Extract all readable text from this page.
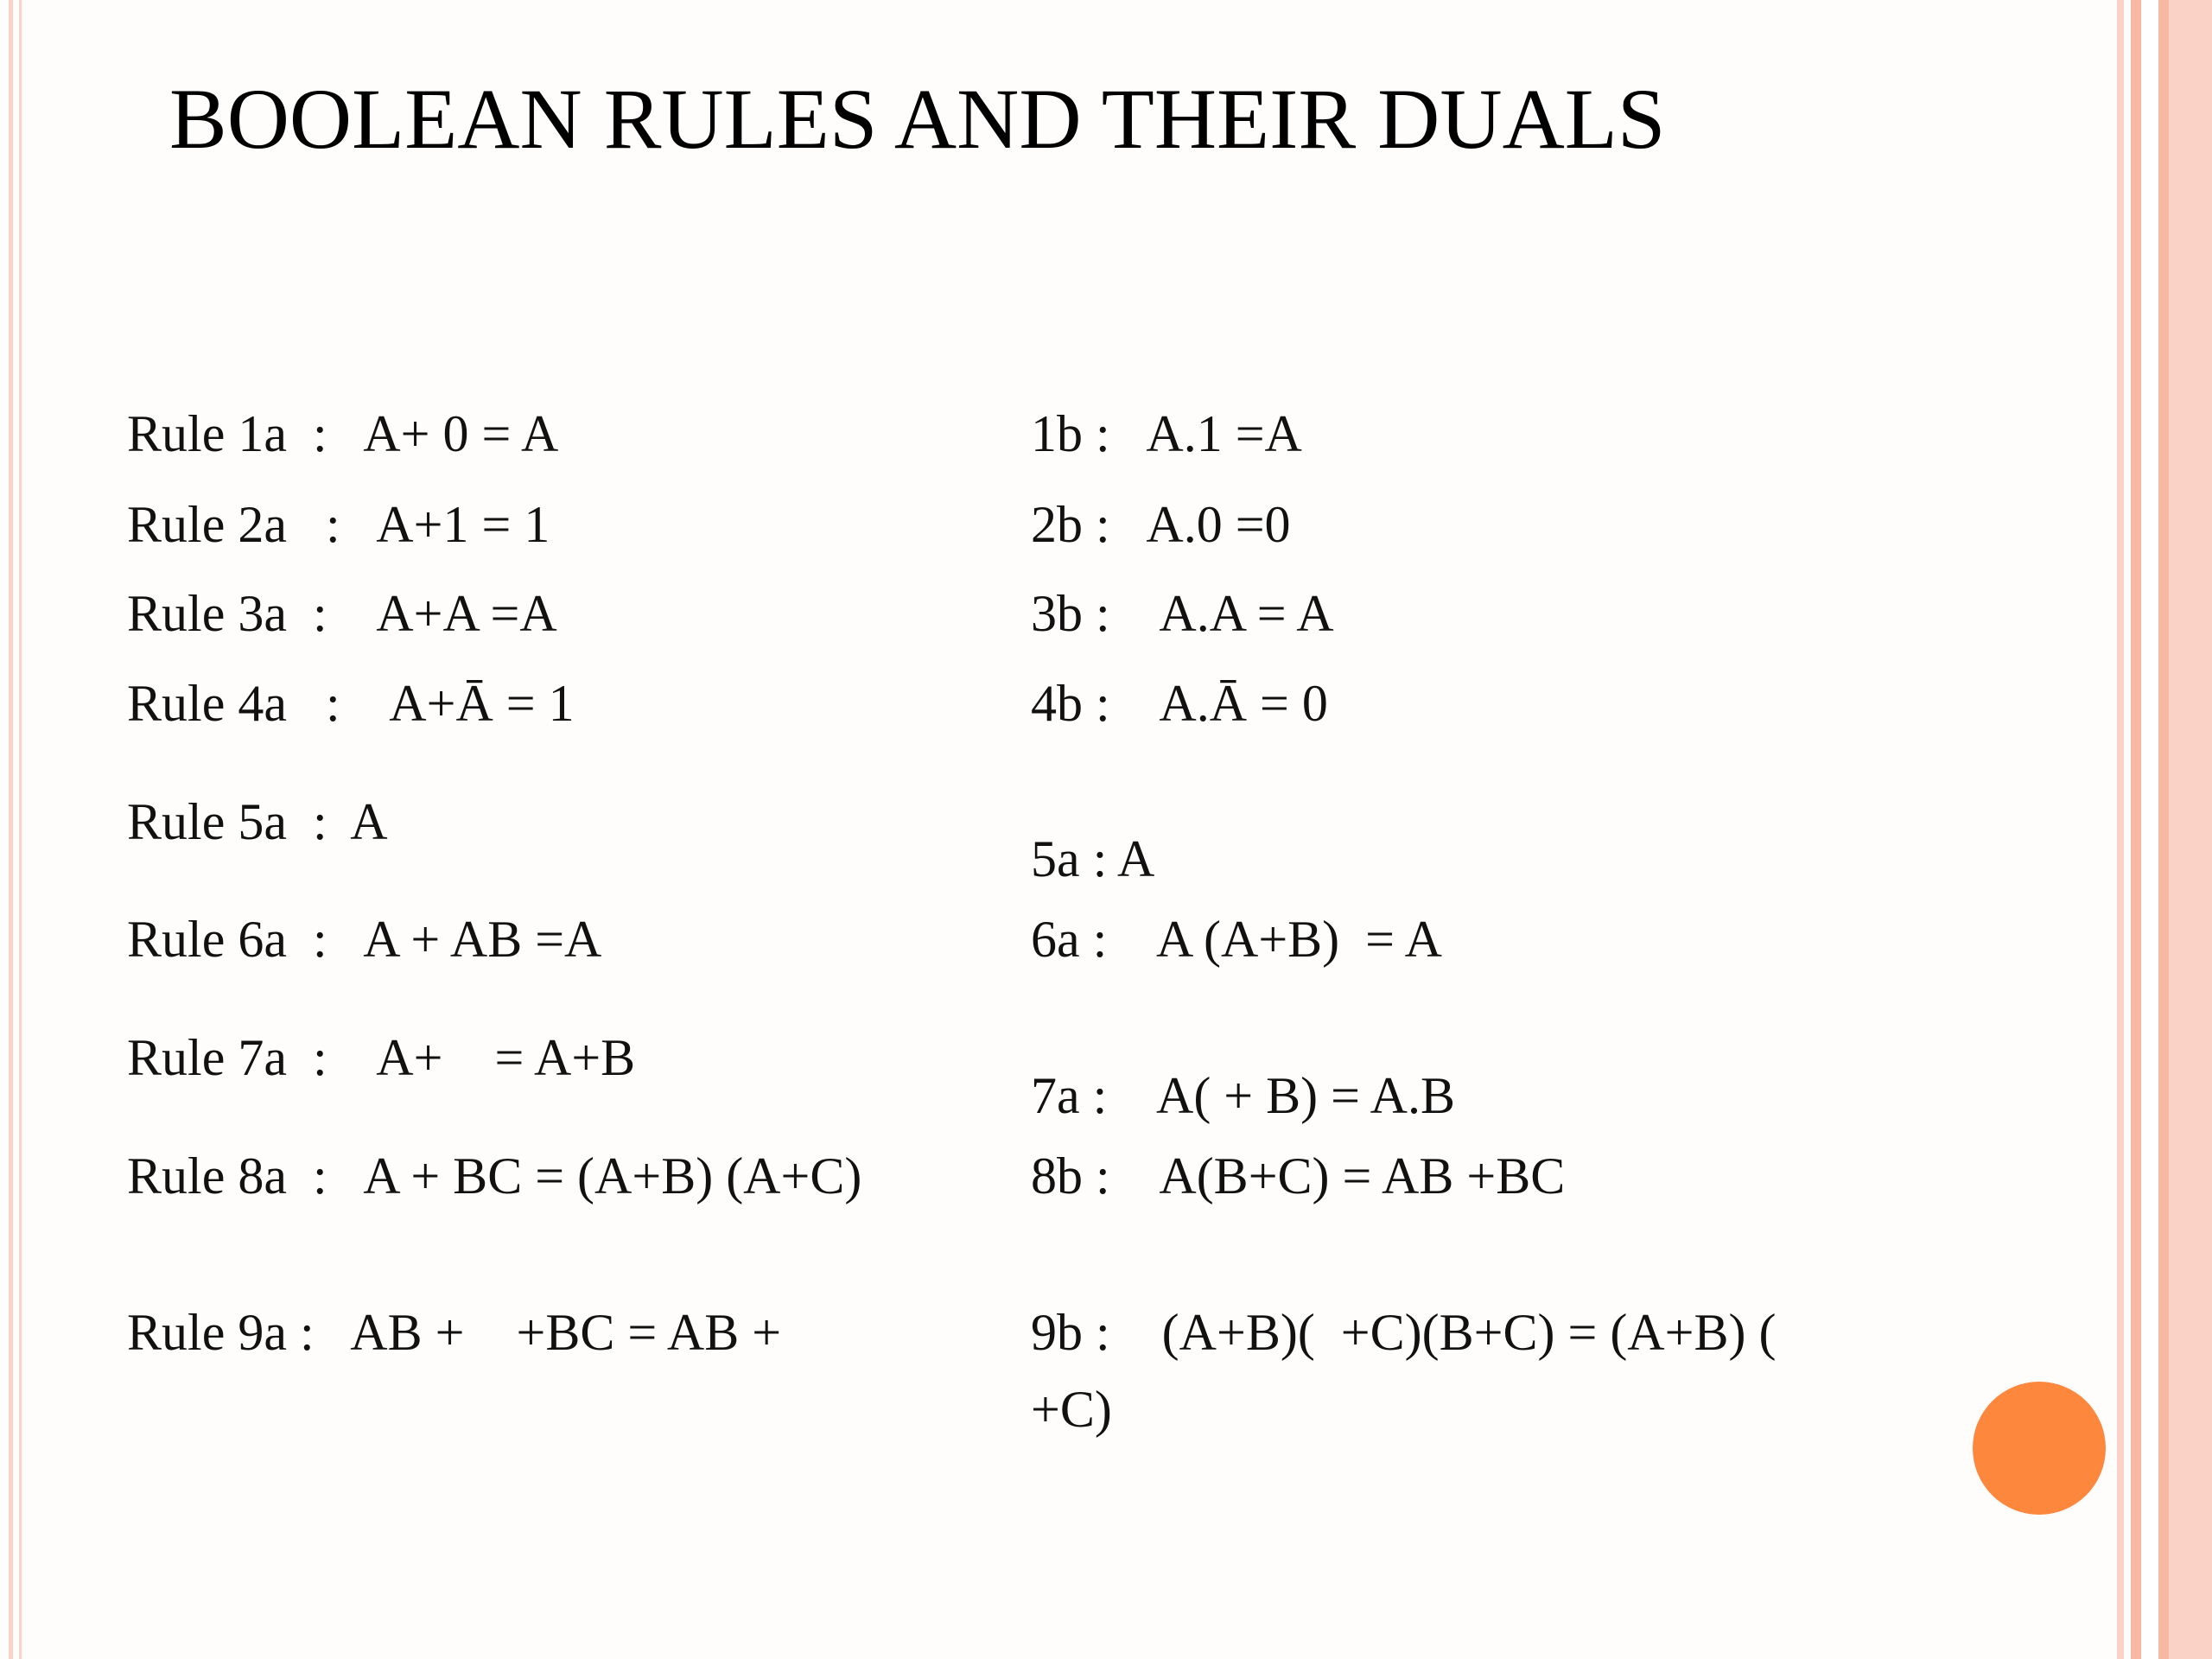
BOOLEAN RULES AND THEIR DUALS
Rule 1a  :   A+ 0 = A	1b :   A.1 =A
Rule 2a   :   A+1 = 1	2b :   A.0 =0
Rule 3a  :    A+A =A	3b :    A.A = A
Rule 4a   :    A+Ā = 1	4b :    A.Ā = 0
Rule 5a  :  A
5a : A
Rule 6a  :   A + AB =A	6a :    A (A+B)  = A
Rule 7a  :    A+    = A+B
7a :    A( + B) = A.B
Rule 8a  :   A + BC = (A+B) (A+C)	8b :    A(B+C) = AB +BC
Rule 9a :   AB +    +BC = AB +	9b :    (A+B)(  +C)(B+C) = (A+B) (
+C)
